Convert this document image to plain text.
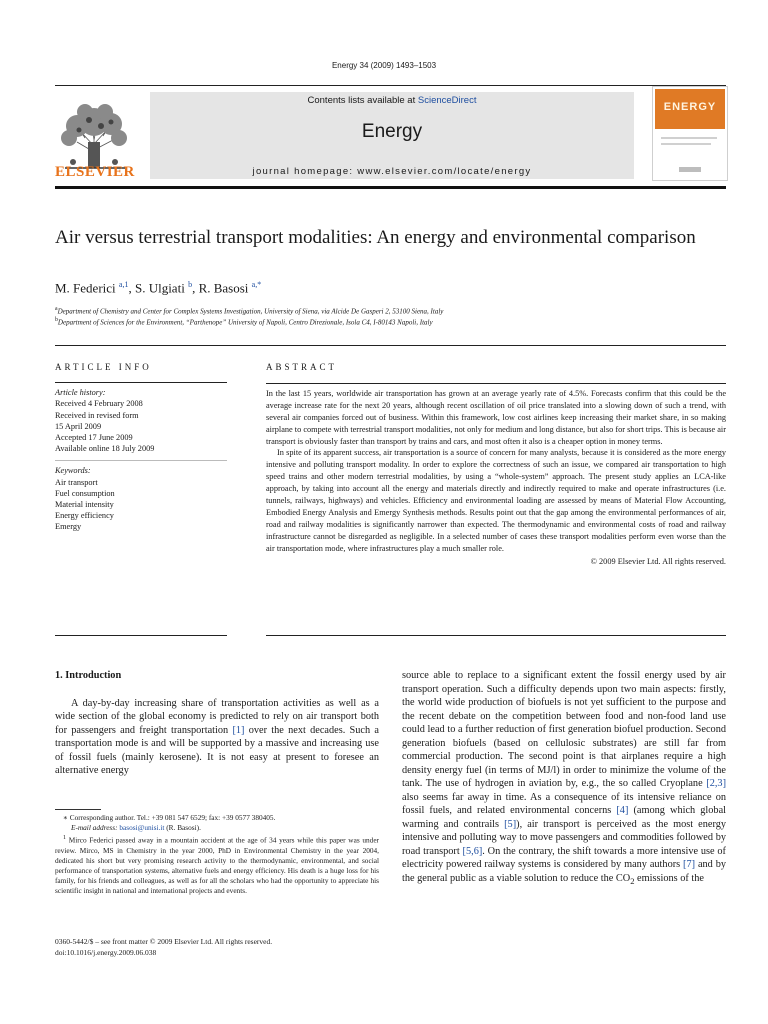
Energy 34 (2009) 1493–1503
ELSEVIER
Contents lists available at ScienceDirect
Energy
journal homepage: www.elsevier.com/locate/energy
ENERGY
Air versus terrestrial transport modalities: An energy and environmental comparison
M. Federici $^{a,1}$, S. Ulgiati $^b$, R. Basosi $^{a,*}$
$^a$Department of Chemistry and Center for Complex Systems Investigation, University of Siena, via Alcide De Gasperi 2, 53100 Siena, Italy
$^b$Department of Sciences for the Environment, “Parthenope” University of Napoli, Centro Direzionale, Isola C4, I-80143 Napoli, Italy
ARTICLE INFO
Article history:
Received 4 February 2008
Received in revised form
15 April 2009
Accepted 17 June 2009
Available online 18 July 2009
Keywords:
Air transport
Fuel consumption
Material intensity
Energy efficiency
Emergy
ABSTRACT

In the last 15 years, worldwide air transportation has grown at an average yearly rate of 4.5%. Forecasts confirm that this could be the average increase rate for the next 20 years, although recent oscillation of oil price translated into a slowing down of such a trend, with several air companies forced out of business. Within this framework, low cost airlines keep increasing their market share, in so making airplane to compete with terrestrial transport modalities, not only for medium and long distance, but also for short trips. This is because air transport is obviously faster than transport by trains and cars, and most often it also is a cheaper option in money terms.

In spite of its apparent success, air transportation is a source of concern for many analysts, because it is considered as the more energy intensive and polluting transport modality. In order to explore the correctness of such an issue, we compared air transportation to high speed trains and other modern terrestrial modalities, by using a “whole-system” approach. The present study applies an LCA-like approach, by taking into account all the energy and materials directly and indirectly required to make and operate infrastructures (i.e. tunnels, railways, highways) and vehicles. Efficiency and environmental loading are assessed by means of Material Flow Accounting, Embodied Energy Analysis and Emergy Synthesis methods. Results point out that the gap among the environmental performances of air, road and railway modalities is significantly narrower than expected. The thermodynamic and environmental costs of road and railway infrastructure cannot be disregarded as negligible. In a selected number of cases these transport modalities perform even worse than the air transportation mode, where infrastructures play a much smaller role.

© 2009 Elsevier Ltd. All rights reserved.
1. Introduction

A day-by-day increasing share of transportation activities as well as a wide section of the global economy is predicted to rely on air transport both for passengers and freight transportation [1] over the next decades. Such a transportation mode is and will be supported by a massive and increasing use of fossil fuels (mainly kerosene). It is not easy at present to foresee an alternative energy

source able to replace to a significant extent the fossil energy used by air transport operation. Such a difficulty depends upon two main aspects: firstly, the world wide production of biofuels is not yet sufficient to the purpose and the recent debate on the competition between food and non-food land use could lead to a further reduction of first generation biofuel production. Second generation biofuels (based on cellulosic substrates) are still far from commercial production. The second point is that airplanes require a high density energy fuel (in terms of MJ/l) in order to minimize the volume of the tank. The use of hydrogen in aviation by, e.g., the so called Cryoplane [2,3] also seems far away in time. As a consequence of its intensive reliance on fossil fuels, and related environmental concerns [4] (among which global warming and contrails [5]), air transport is perceived as the most energy intensive and polluting way to move passengers and commodities followed by road transport [5,6]. On the contrary, the shift towards a more intensive use of electricity powered railway systems is considered by many authors [7] and by the general public as a viable solution to reduce the $CO_2$ emissions of the

∗ Corresponding author. Tel.: +39 081 547 6529; fax: +39 0577 380405.

E-mail address: basosi@unisi.it (R. Basosi).

$^1$ Mirco Federici passed away in a mountain accident at the age of 34 years while this paper was under review. Mirco, MS in Chemistry in the year 2000, PhD in Environmental Chemistry in the year 2004, dedicated his short but very promising research activity to the thermodynamic, environmental, and social performance of transportation systems, alternative fuels and energy efficiency. His death is a huge loss for his family, for his friends and colleagues, as well as for all the scholars who had the opportunity to appreciate his scientific insight in national and international projects and events.

0360-5442/$ – see front matter © 2009 Elsevier Ltd. All rights reserved.
doi:10.1016/j.energy.2009.06.038
